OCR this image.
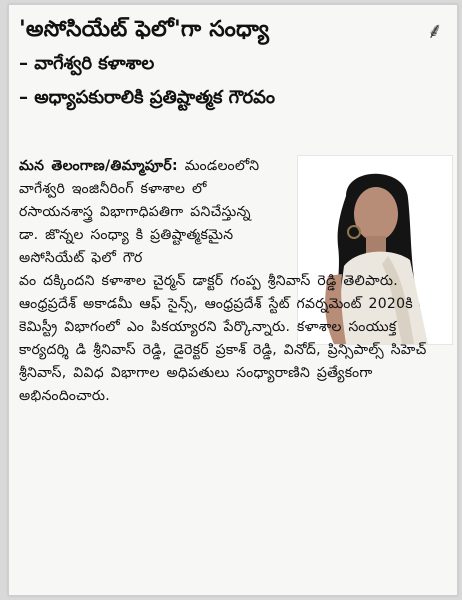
'అసోసియేట్ ఫెలో'గా సంధ్యా
– వాగేశ్వరి కళాశాల
– అధ్యాపకురాలికి ప్రతిష్టాత్మక గౌరవం
⸙
మన తెలంగాణ/తిమ్మాపూర్: మండలంలోని వాగేశ్వరి ఇంజినీరింగ్ కళాశాల లో రసాయనశాస్త్ర విభాగాధిపతిగా పనిచేస్తున్న డా. జొన్నల సంధ్యా కి ప్రతిష్టాత్మకమైన అసోసియేట్ ఫెలో గౌర
వం దక్కిందని కళాశాల చైర్మన్ డాక్టర్ గంప్ప శ్రీనివాస్ రెడ్డి తెలిపారు. ఆంధ్రప్రదేశ్ అకాడమీ ఆఫ్ సైన్స్, ఆంధ్రప్రదేశ్ స్టేట్ గవర్నమెంట్ 2020కి కెమిస్ట్రీ విభాగంలో ఎం పికయ్యారని పేర్కొన్నారు. కళాశాల సంయుక్త కార్యదర్శి డి శ్రీనివాస్ రెడ్డి, డైరెక్టర్ ప్రకాశ్ రెడ్డి, వినోద్, ప్రిన్సిపాల్స్ సిహెచ్ శ్రీనివాస్, వివిధ విభాగాల అధిపతులు సంధ్యారాణిని ప్రత్యేకంగా అభినందించారు.
